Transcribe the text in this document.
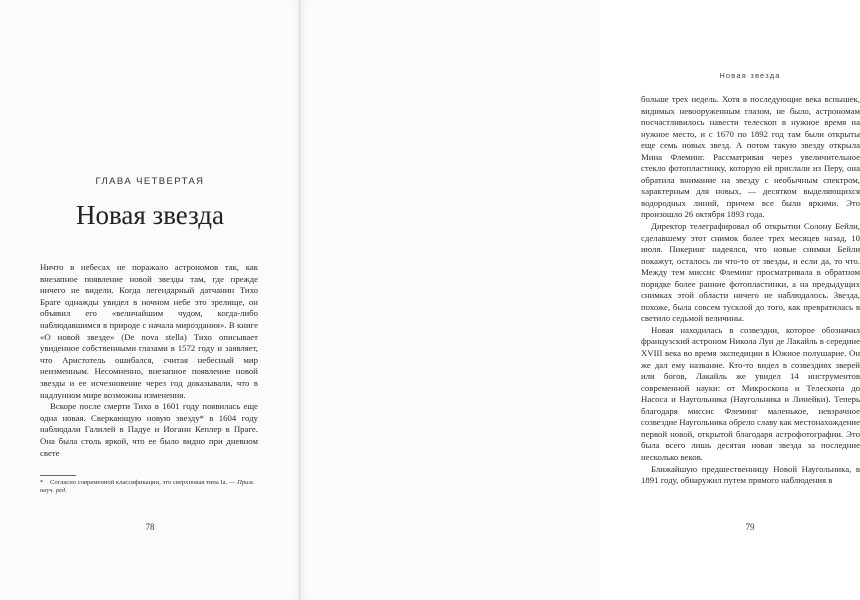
ГЛАВА ЧЕТВЕРТАЯ
Новая звезда

Ничто в небесах не поражало астрономов так, как внезапное появление новой звезды там, где прежде ничего не видели. Когда легендарный датчанин Тихо Браге однажды увидел в ночном небе это зрелище, он объявил его «величайшим чудом, когда-либо наблюдавшимся в природе с начала мироздания». В книге «О новой звезде» (De nova stella) Тихо описывает увиденное собственными глазами в 1572 году и заявляет, что Аристотель ошибался, считая небесный мир неизменным. Несомненно, внезапное появление новой звезды и ее исчезновение через год доказывали, что в надлунном мире возможны изменения.

Вскоре после смерти Тихо в 1601 году появилась еще одна новая. Сверкающую новую звезду* в 1604 году наблюдали Галилей в Падуе и Иоганн Кеплер в Праге. Она была столь яркой, что ее было видно при дневном свете

* Согласно современной классификации, это сверхновая типа Ia. — Прим. науч. ред.
78
Новая звезда

больше трех недель. Хотя в последующие века вспышек, видимых невооруженным глазом, не было, астрономам посчастливилось навести телескоп в нужное время на нужное место, и с 1670 по 1892 год там были открыты еще семь новых звезд. А потом такую звезду открыла Мина Флеминг. Рассматривая через увеличительное стекло фотопластинку, которую ей прислали из Перу, она обратила внимание на звезду с необычным спектром, характерным для новых, — десятком выделяющихся водородных линий, причем все были яркими. Это произошло 26 октября 1893 года.

Директор телеграфировал об открытии Солону Бейли, сделавшему этот снимок более трех месяцев назад, 10 июля. Пикеринг надеялся, что новые снимки Бейли покажут, осталось ли что-то от звезды, и если да, то что. Между тем миссис Флеминг просматривала в обратном порядке более ранние фотопластинки, а на предыдущих снимках этой области ничего не наблюдалось. Звезда, похоже, была совсем тусклой до того, как превратилась в светило седьмой величины.

Новая находилась в созвездии, которое обозначил французский астроном Никола Луи де Лакайль в середине XVIII века во время экспедиции в Южное полушарие. Он же дал ему название. Кто-то видел в созвездиях зверей или богов, Лакайль же увидел 14 инструментов современной науки: от Микроскопа и Телескопа до Насоса и Наугольника (Наугольника и Линейки). Теперь благодаря миссис Флеминг маленькое, невзрачное созвездие Наугольника обрело славу как местонахождение первой новой, открытой благодаря астрофотографии. Это была всего лишь десятая новая звезда за последние несколько веков.

Ближайшую предшественницу Новой Наугольника, в 1891 году, обнаружил путем прямого наблюдения в

79
